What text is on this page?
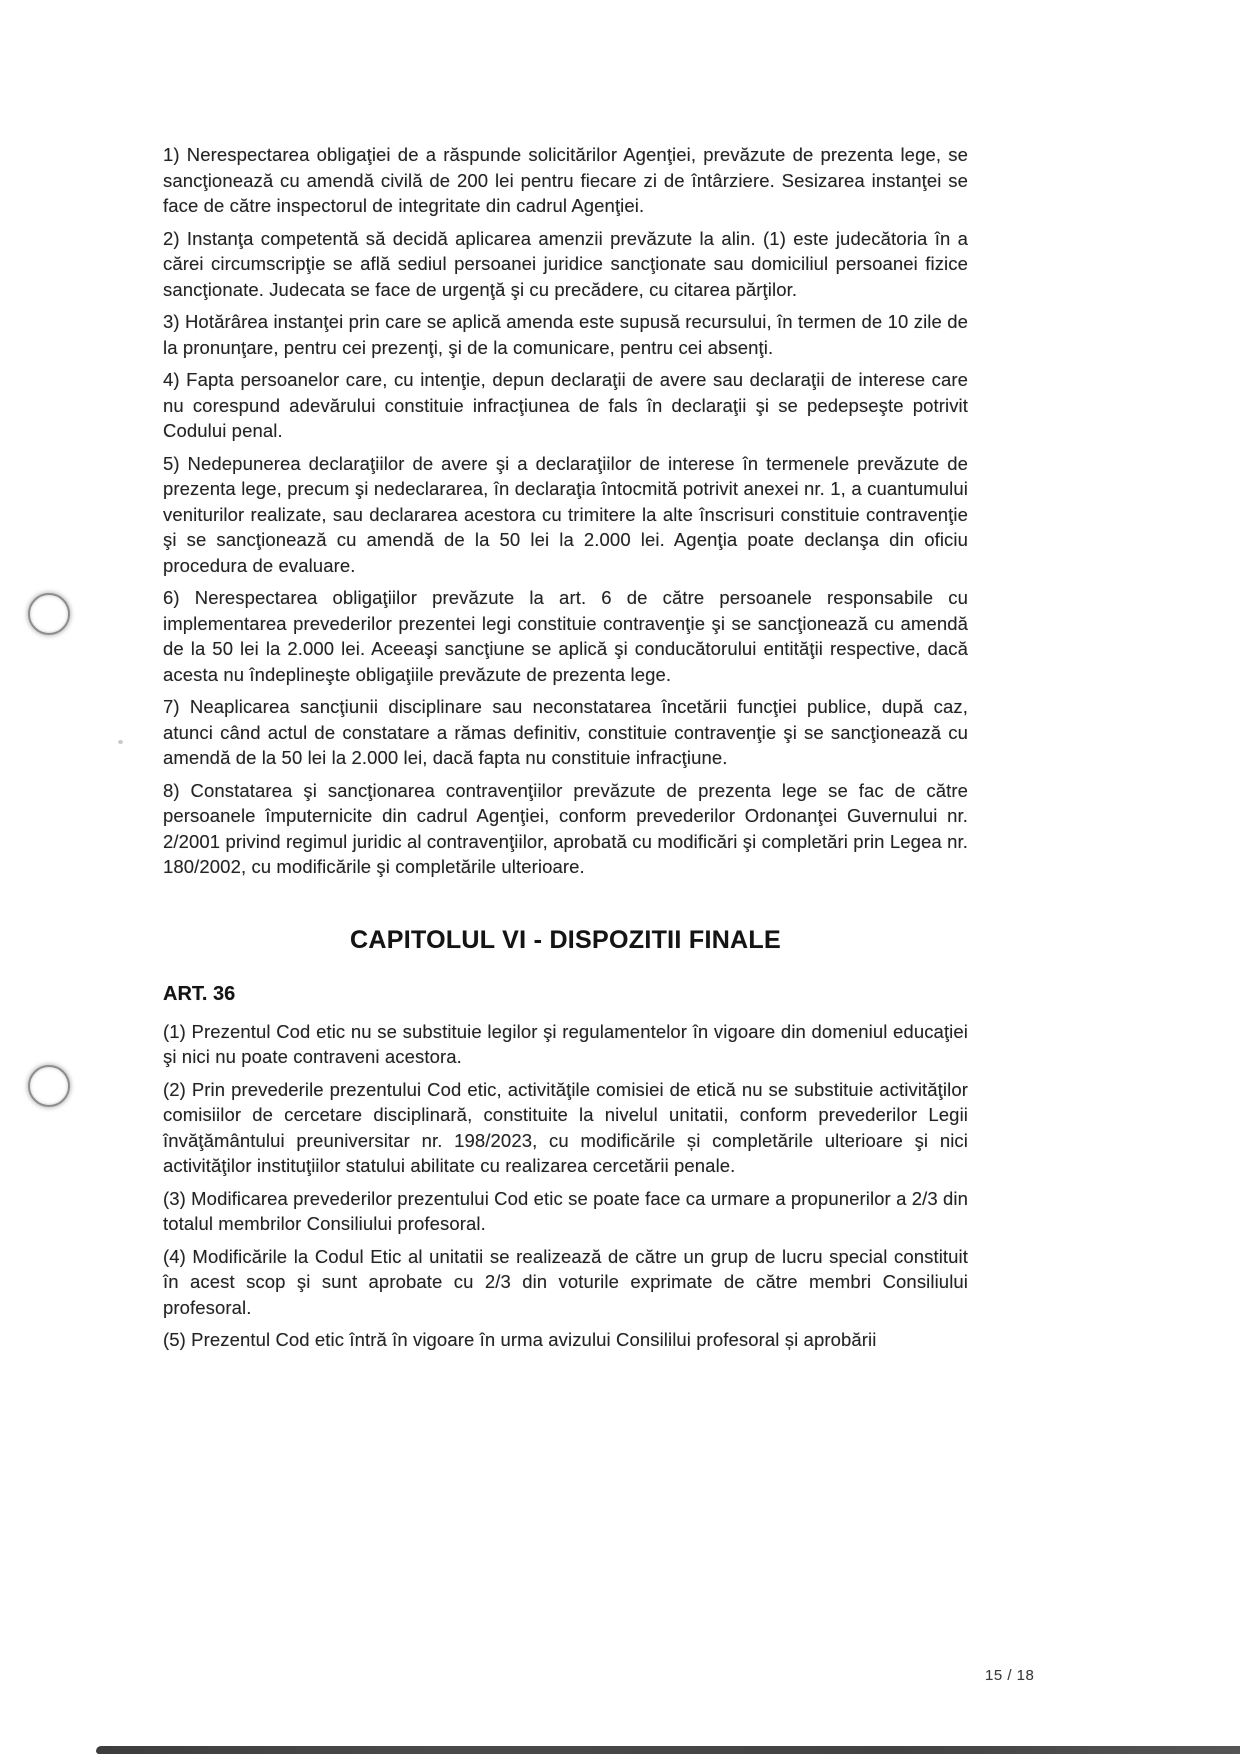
1) Nerespectarea obligaţiei de a răspunde solicitărilor Agenţiei, prevăzute de prezenta lege, se sancţionează cu amendă civilă de 200 lei pentru fiecare zi de întârziere. Sesizarea instanţei se face de către inspectorul de integritate din cadrul Agenţiei.

2) Instanţa competentă să decidă aplicarea amenzii prevăzute la alin. (1) este judecătoria în a cărei circumscripţie se află sediul persoanei juridice sancţionate sau domiciliul persoanei fizice sancţionate. Judecata se face de urgenţă şi cu precădere, cu citarea părţilor.

3) Hotărârea instanţei prin care se aplică amenda este supusă recursului, în termen de 10 zile de la pronunţare, pentru cei prezenţi, şi de la comunicare, pentru cei absenţi.

4) Fapta persoanelor care, cu intenţie, depun declaraţii de avere sau declaraţii de interese care nu corespund adevărului constituie infracţiunea de fals în declaraţii şi se pedepseşte potrivit Codului penal.

5) Nedepunerea declaraţiilor de avere şi a declaraţiilor de interese în termenele prevăzute de prezenta lege, precum şi nedeclararea, în declaraţia întocmită potrivit anexei nr. 1, a cuantumului veniturilor realizate, sau declararea acestora cu trimitere la alte înscrisuri constituie contravenţie şi se sancţionează cu amendă de la 50 lei la 2.000 lei. Agenţia poate declanşa din oficiu procedura de evaluare.

6) Nerespectarea obligaţiilor prevăzute la art. 6 de către persoanele responsabile cu implementarea prevederilor prezentei legi constituie contravenţie şi se sancţionează cu amendă de la 50 lei la 2.000 lei. Aceeaşi sancţiune se aplică şi conducătorului entităţii respective, dacă acesta nu îndeplineşte obligaţiile prevăzute de prezenta lege.

7) Neaplicarea sancţiunii disciplinare sau neconstatarea încetării funcţiei publice, după caz, atunci când actul de constatare a rămas definitiv, constituie contravenţie şi se sancţionează cu amendă de la 50 lei la 2.000 lei, dacă fapta nu constituie infracţiune.

8) Constatarea şi sancţionarea contravenţiilor prevăzute de prezenta lege se fac de către persoanele împuternicite din cadrul Agenţiei, conform prevederilor Ordonanţei Guvernului nr. 2/2001 privind regimul juridic al contravenţiilor, aprobată cu modificări şi completări prin Legea nr. 180/2002, cu modificările şi completările ulterioare.

CAPITOLUL VI - DISPOZITII FINALE
ART. 36

(1) Prezentul Cod etic nu se substituie legilor şi regulamentelor în vigoare din domeniul educaţiei şi nici nu poate contraveni acestora.

(2) Prin prevederile prezentului Cod etic, activităţile comisiei de etică nu se substituie activităţilor comisiilor de cercetare disciplinară, constituite la nivelul unitatii, conform prevederilor Legii învăţământului preuniversitar nr. 198/2023, cu modificările și completările ulterioare şi nici activităţilor instituţiilor statului abilitate cu realizarea cercetării penale.

(3) Modificarea prevederilor prezentului Cod etic se poate face ca urmare a propunerilor a 2/3 din totalul membrilor Consiliului profesoral.

(4) Modificările la Codul Etic al unitatii se realizează de către un grup de lucru special constituit în acest scop şi sunt aprobate cu 2/3 din voturile exprimate de către membri Consiliului profesoral.

(5) Prezentul Cod etic întră în vigoare în urma avizului Consililui profesoral și aprobării

15 / 18
